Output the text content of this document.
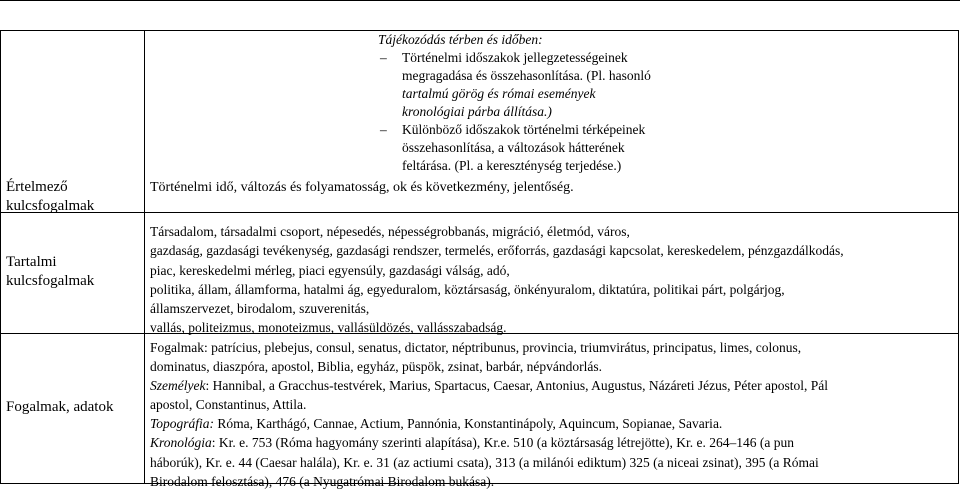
Értelmező
kulcsfogalmak
Tartalmi
kulcsfogalmak
Fogalmak, adatok
Tájékozódás térben és időben:
– Történelmi időszakok jellegzetességeinek
megragadása és összehasonlítása. (Pl. hasonló
tartalmú görög és római események
kronológiai párba állítása.)
– Különböző időszakok történelmi térképeinek
összehasonlítása, a változások hátterének
feltárása. (Pl. a kereszténység terjedése.)
Történelmi idő, változás és folyamatosság, ok és következmény, jelentőség.

Társadalom, társadalmi csoport, népesedés, népességrobbanás, migráció, életmód, város,

gazdaság, gazdasági tevékenység, gazdasági rendszer, termelés, erőforrás, gazdasági kapcsolat, kereskedelem, pénzgazdálkodás,

piac, kereskedelmi mérleg, piaci egyensúly, gazdasági válság, adó,

politika, állam, államforma, hatalmi ág, egyeduralom, köztársaság, önkényuralom, diktatúra, politikai párt, polgárjog,

államszervezet, birodalom, szuverenitás,

vallás, politeizmus, monoteizmus, vallásüldözés, vallásszabadság.

Fogalmak: patrícius, plebejus, consul, senatus, dictator, néptribunus, provincia, triumvirátus, principatus, limes, colonus,

dominatus, diaszpóra, apostol, Biblia, egyház, püspök, zsinat, barbár, népvándorlás.

Személyek: Hannibal, a Gracchus-testvérek, Marius, Spartacus, Caesar, Antonius, Augustus, Názáreti Jézus, Péter apostol, Pál

apostol, Constantinus, Attila.

Topográfia: Róma, Karthágó, Cannae, Actium, Pannónia, Konstantinápoly, Aquincum, Sopianae, Savaria.

Kronológia: Kr. e. 753 (Róma hagyomány szerinti alapítása), Kr.e. 510 (a köztársaság létrejötte), Kr. e. 264–146 (a pun

háborúk), Kr. e. 44 (Caesar halála), Kr. e. 31 (az actiumi csata), 313 (a milánói ediktum) 325 (a niceai zsinat), 395 (a Római

Birodalom felosztása), 476 (a Nyugatrómai Birodalom bukása).
